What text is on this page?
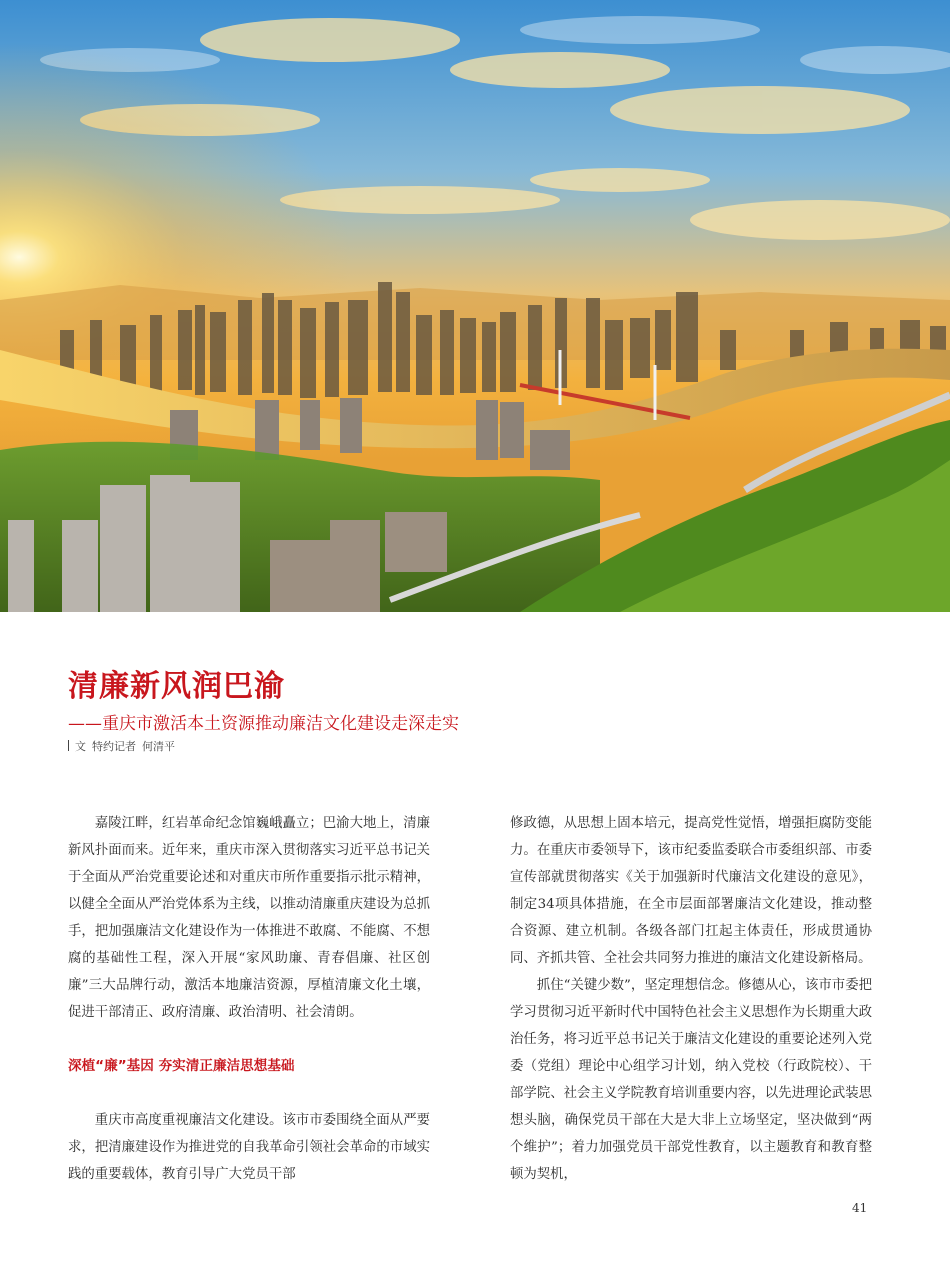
清廉新风润巴渝
——重庆市激活本土资源推动廉洁文化建设走深走实
文 特约记者 何清平

嘉陵江畔，红岩革命纪念馆巍峨矗立；巴渝大地上，清廉新风扑面而来。近年来，重庆市深入贯彻落实习近平总书记关于全面从严治党重要论述和对重庆市所作重要指示批示精神，以健全全面从严治党体系为主线，以推动清廉重庆建设为总抓手，把加强廉洁文化建设作为一体推进不敢腐、不能腐、不想腐的基础性工程，深入开展“家风助廉、青春倡廉、社区创廉”三大品牌行动，激活本地廉洁资源，厚植清廉文化土壤，促进干部清正、政府清廉、政治清明、社会清朗。

深植“廉”基因 夯实清正廉洁思想基础

重庆市高度重视廉洁文化建设。该市市委围绕全面从严要求，把清廉建设作为推进党的自我革命引领社会革命的市域实践的重要载体，教育引导广大党员干部

修政德，从思想上固本培元，提高党性觉悟，增强拒腐防变能力。在重庆市委领导下，该市纪委监委联合市委组织部、市委宣传部就贯彻落实《关于加强新时代廉洁文化建设的意见》，制定34项具体措施，在全市层面部署廉洁文化建设，推动整合资源、建立机制。各级各部门扛起主体责任，形成贯通协同、齐抓共管、全社会共同努力推进的廉洁文化建设新格局。

抓住“关键少数”，坚定理想信念。修德从心，该市市委把学习贯彻习近平新时代中国特色社会主义思想作为长期重大政治任务，将习近平总书记关于廉洁文化建设的重要论述列入党委（党组）理论中心组学习计划，纳入党校（行政院校）、干部学院、社会主义学院教育培训重要内容，以先进理论武装思想头脑，确保党员干部在大是大非上立场坚定，坚决做到“两个维护”；着力加强党员干部党性教育，以主题教育和教育整顿为契机，

41
